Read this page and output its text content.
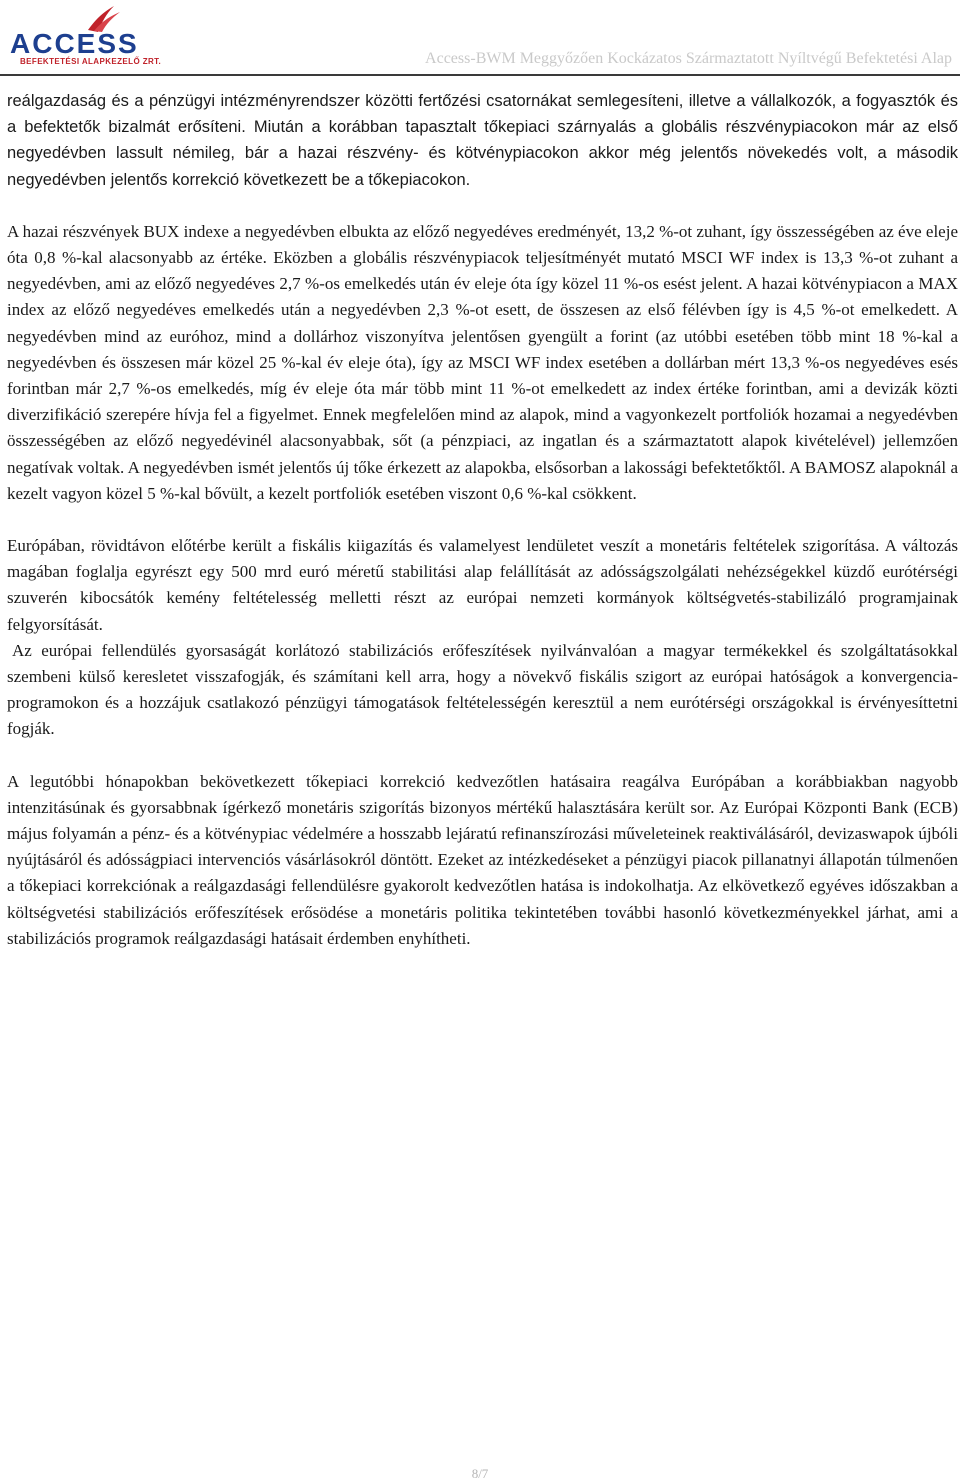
ACCESS
BEFEKTETÉSI ALAPKEZELŐ ZRT.	Access-BWM Meggyőzően Kockázatos Származtatott Nyíltvégű Befektetési Alap

reálgazdaság és a pénzügyi intézményrendszer közötti fertőzési csatornákat semlegesíteni, illetve a vállalkozók, a fogyasztók és a befektetők bizalmát erősíteni. Miután a korábban tapasztalt tőkepiaci szárnyalás a globális részvénypiacokon már az első negyedévben lassult némileg, bár a hazai részvény- és kötvénypiacokon akkor még jelentős növekedés volt, a második negyedévben jelentős korrekció következett be a tőkepiacokon.

A hazai részvények BUX indexe a negyedévben elbukta az előző negyedéves eredményét, 13,2 %-ot zuhant, így összességében az éve eleje óta 0,8 %-kal alacsonyabb az értéke. Eközben a globális részvénypiacok teljesítményét mutató MSCI WF index is 13,3 %-ot zuhant a negyedévben, ami az előző negyedéves 2,7 %-os emelkedés után év eleje óta így közel 11 %-os esést jelent. A hazai kötvénypiacon a MAX index az előző negyedéves emelkedés után a negyedévben 2,3 %-ot esett, de összesen az első félévben így is 4,5 %-ot emelkedett. A negyedévben mind az euróhoz, mind a dollárhoz viszonyítva jelentősen gyengült a forint (az utóbbi esetében több mint 18 %-kal a negyedévben és összesen már közel 25 %-kal év eleje óta), így az MSCI WF index esetében a dollárban mért 13,3 %-os negyedéves esés forintban már 2,7 %-os emelkedés, míg év eleje óta már több mint 11 %-ot emelkedett az index értéke forintban, ami a devizák közti diverzifikáció szerepére hívja fel a figyelmet. Ennek megfelelően mind az alapok, mind a vagyonkezelt portfoliók hozamai a negyedévben összességében az előző negyedévinél alacsonyabbak, sőt (a pénzpiaci, az ingatlan és a származtatott alapok kivételével) jellemzően negatívak voltak. A negyedévben ismét jelentős új tőke érkezett az alapokba, elsősorban a lakossági befektetőktől. A BAMOSZ alapoknál a kezelt vagyon közel 5 %-kal bővült, a kezelt portfoliók esetében viszont 0,6 %-kal csökkent.

Európában, rövidtávon előtérbe került a fiskális kiigazítás és valamelyest lendületet veszít a monetáris feltételek szigorítása. A változás magában foglalja egyrészt egy 500 mrd euró méretű stabilitási alap felállítását az adósságszolgálati nehézségekkel küzdő eurótérségi szuverén kibocsátók kemény feltételesség melletti részt az európai nemzeti kormányok költségvetés-stabilizáló programjainak felgyorsítását.

Az európai fellendülés gyorsaságát korlátozó stabilizációs erőfeszítések nyilvánvalóan a magyar termékekkel és szolgáltatásokkal szembeni külső keresletet visszafogják, és számítani kell arra, hogy a növekvő fiskális szigort az európai hatóságok a konvergencia-programokon és a hozzájuk csatlakozó pénzügyi támogatások feltételességén keresztül a nem eurótérségi országokkal is érvényesíttetni fogják.

A legutóbbi hónapokban bekövetkezett tőkepiaci korrekció kedvezőtlen hatásaira reagálva Európában a korábbiakban nagyobb intenzitásúnak és gyorsabbnak ígérkező monetáris szigorítás bizonyos mértékű halasztására került sor. Az Európai Központi Bank (ECB) május folyamán a pénz- és a kötvénypiac védelmére a hosszabb lejáratú refinanszírozási műveleteinek reaktiválásáról, devizaswapok újbóli nyújtásáról és adósságpiaci intervenciós vásárlásokról döntött. Ezeket az intézkedéseket a pénzügyi piacok pillanatnyi állapotán túlmenően a tőkepiaci korrekciónak a reálgazdasági fellendülésre gyakorolt kedvezőtlen hatása is indokolhatja. Az elkövetkező egyéves időszakban a költségvetési stabilizációs erőfeszítések erősödése a monetáris politika tekintetében további hasonló következményekkel járhat, ami a stabilizációs programok reálgazdasági hatásait érdemben enyhítheti.

8/7
